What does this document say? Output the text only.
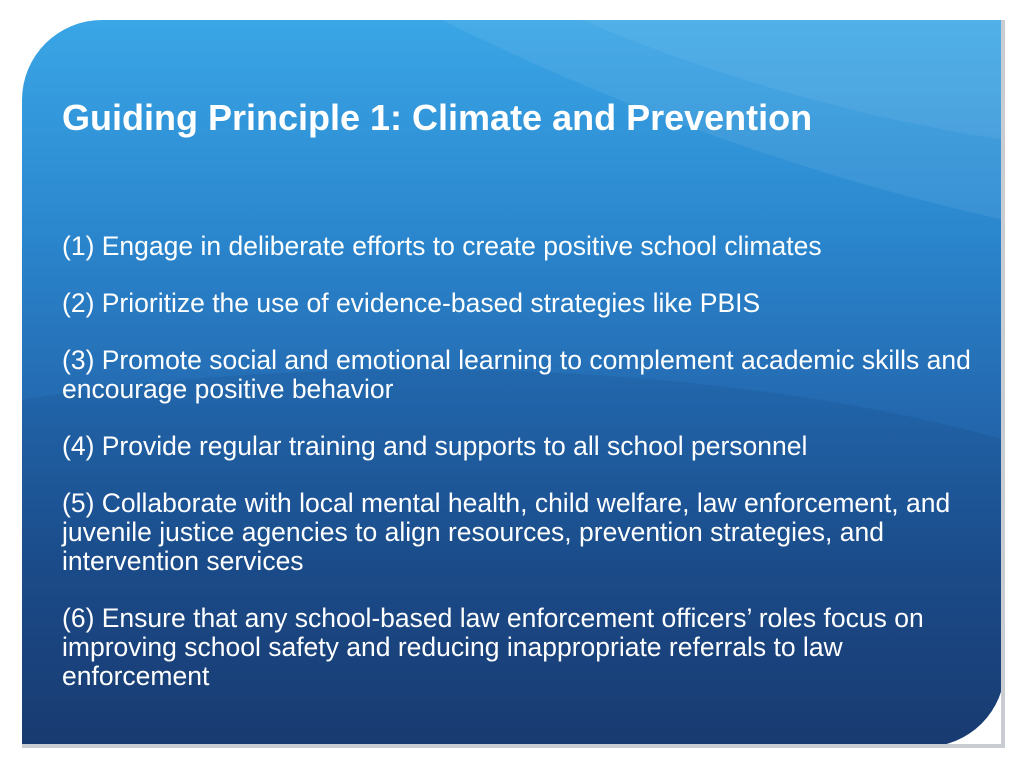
Guiding Principle 1: Climate and Prevention
(1) Engage in deliberate efforts to create positive school climates
(2) Prioritize the use of evidence-based strategies like PBIS
(3) Promote social and emotional learning to complement academic skills and encourage positive behavior
(4) Provide regular training and supports to all school personnel
(5) Collaborate with local mental health, child welfare, law enforcement, and juvenile justice agencies to align resources, prevention strategies, and intervention services
(6) Ensure that any school-based law enforcement officers’ roles focus on improving school safety and reducing inappropriate referrals to law enforcement
